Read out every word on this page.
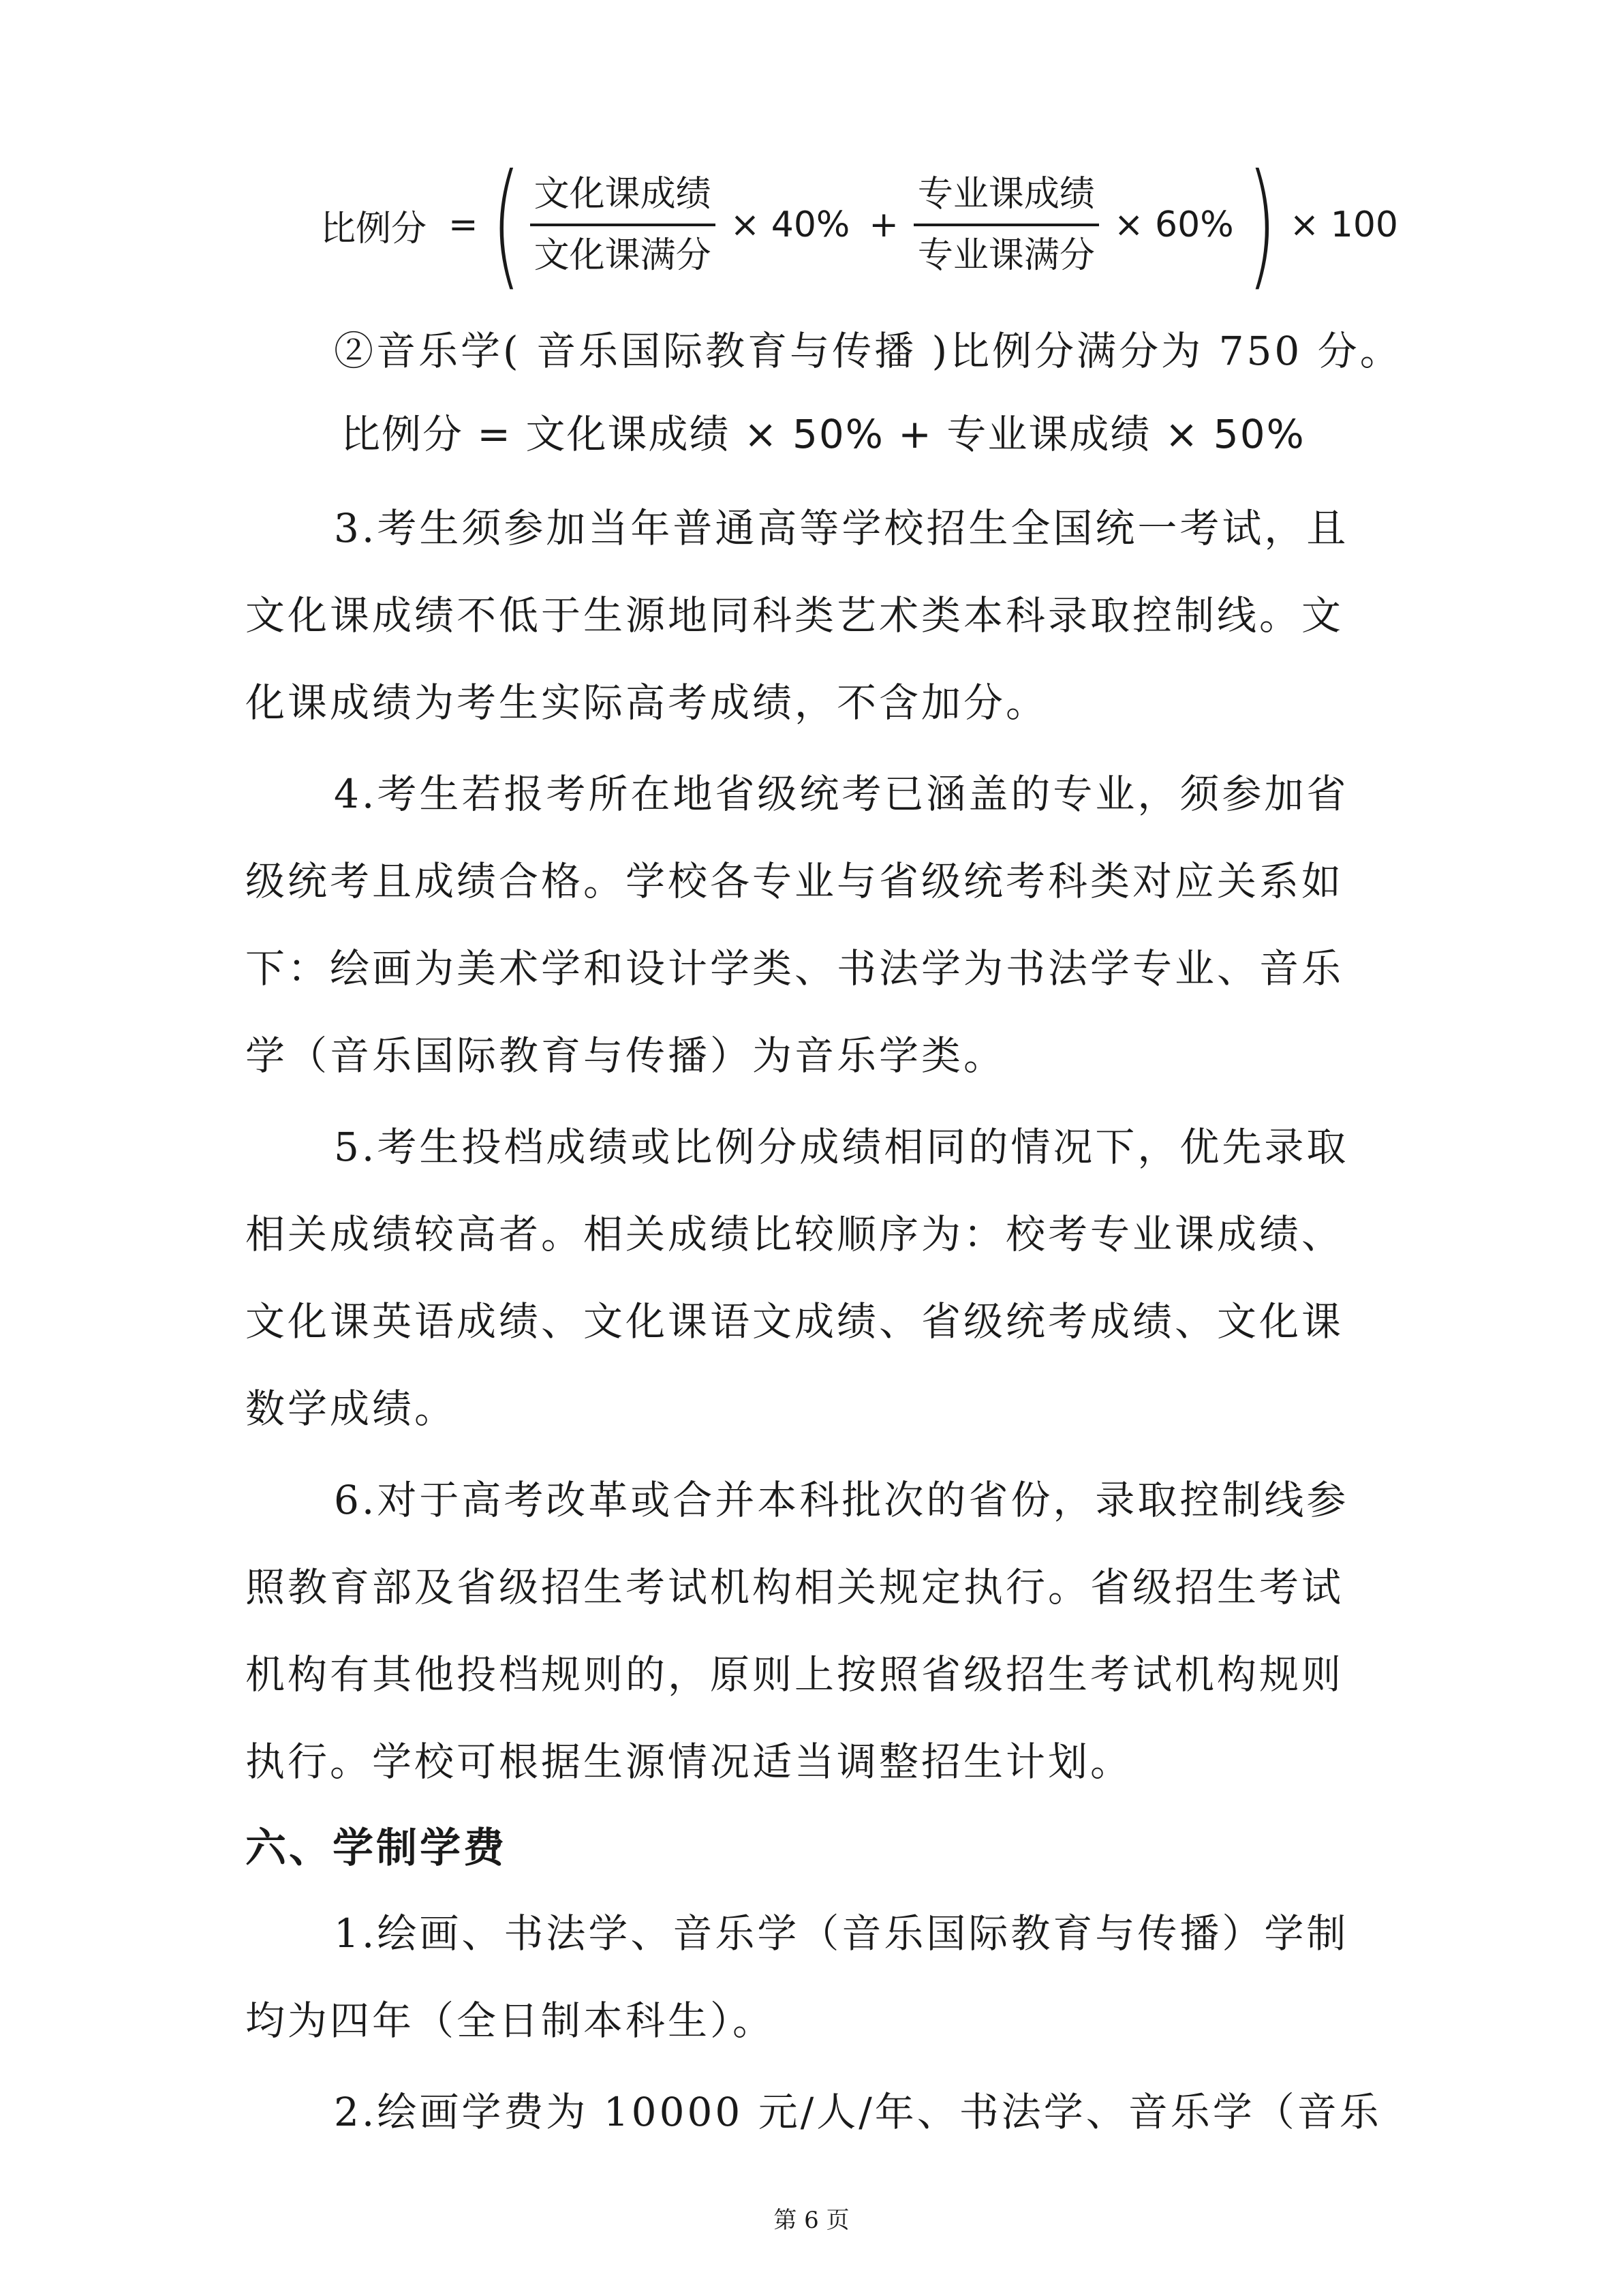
比例分 = ( $\frac{\text{文化课成绩}}{\text{文化课满分}} \times 40\% + \frac{\text{专业课成绩}}{\text{专业课满分}} \times 60\%$ ) × 100
②音乐学( 音乐国际教育与传播 )比例分满分为 750 分。
比例分 = 文化课成绩 × 50% + 专业课成绩 × 50%
3.考生须参加当年普通高等学校招生全国统一考试，且
文化课成绩不低于生源地同科类艺术类本科录取控制线。文
化课成绩为考生实际高考成绩，不含加分。
4.考生若报考所在地省级统考已涵盖的专业，须参加省
级统考且成绩合格。学校各专业与省级统考科类对应关系如
下：绘画为美术学和设计学类、书法学为书法学专业、音乐
学（音乐国际教育与传播）为音乐学类。
5.考生投档成绩或比例分成绩相同的情况下，优先录取
相关成绩较高者。相关成绩比较顺序为：校考专业课成绩、
文化课英语成绩、文化课语文成绩、省级统考成绩、文化课
数学成绩。
6.对于高考改革或合并本科批次的省份，录取控制线参
照教育部及省级招生考试机构相关规定执行。省级招生考试
机构有其他投档规则的，原则上按照省级招生考试机构规则
执行。学校可根据生源情况适当调整招生计划。
六、学制学费
1.绘画、书法学、音乐学（音乐国际教育与传播）学制
均为四年（全日制本科生）。
2.绘画学费为 10000 元/人/年、书法学、音乐学（音乐
第 6 页
